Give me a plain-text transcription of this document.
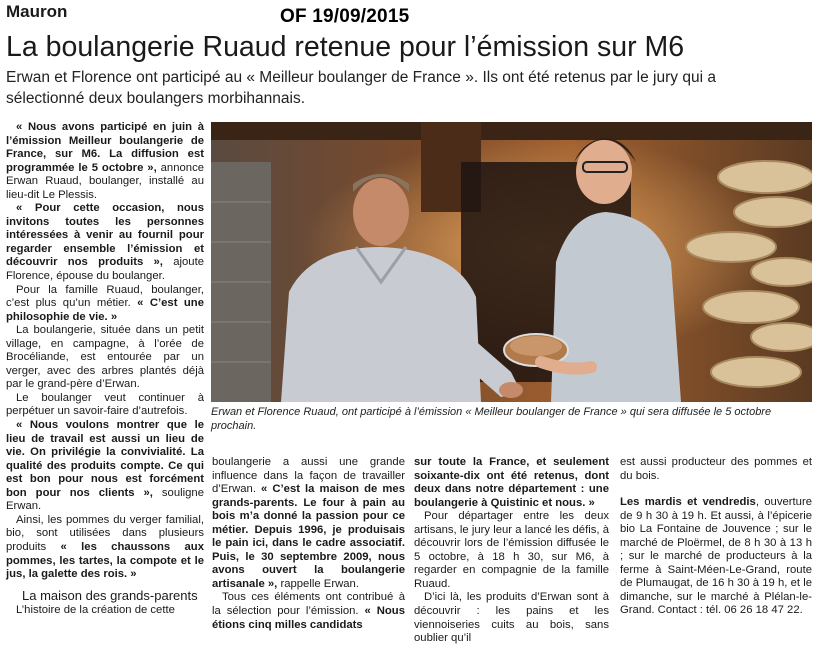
Mauron	OF 19/09/2015
La boulangerie Ruaud retenue pour l’émission sur M6
Erwan et Florence ont participé au « Meilleur boulanger de France ». Ils ont été retenus par le jury qui a sélectionné deux boulangers morbihannais.

« Nous avons participé en juin à l’émission Meilleur boulangerie de France, sur M6. La diffusion est programmée le 5 octobre », annonce Erwan Ruaud, boulanger, installé au lieu-dit Le Plessis.

« Pour cette occasion, nous invitons toutes les personnes intéressées à venir au fournil pour regarder ensemble l’émission et découvrir nos produits », ajoute Florence, épouse du boulanger.

Pour la famille Ruaud, boulanger, c’est plus qu’un métier. « C’est une philosophie de vie. »

La boulangerie, située dans un petit village, en campagne, à l’orée de Brocéliande, est entourée par un verger, avec des arbres plantés déjà par le grand-père d’Erwan.

Le boulanger veut continuer à perpétuer un savoir-faire d’autrefois.

« Nous voulons montrer que le lieu de travail est aussi un lieu de vie. On privilégie la convivialité. La qualité des produits compte. Ce qui est bon pour nous est forcément bon pour nos clients », souligne Erwan.

Ainsi, les pommes du verger familial, bio, sont utilisées dans plusieurs produits « les chaussons aux pommes, les tartes, la compote et le jus, la galette des rois. »

La maison des grands-parents

L’histoire de la création de cette

Erwan et Florence Ruaud, ont participé à l’émission « Meilleur boulanger de France » qui sera diffusée le 5 octobre prochain.

boulangerie a aussi une grande influence dans la façon de travailler d’Erwan. « C’est la maison de mes grands-parents. Le four à pain au bois m’a donné la passion pour ce métier. Depuis 1996, je produisais le pain ici, dans le cadre associatif. Puis, le 30 septembre 2009, nous avons ouvert la boulangerie artisanale », rappelle Erwan.

Tous ces éléments ont contribué à la sélection pour l’émission. « Nous étions cinq milles candidats

sur toute la France, et seulement soixante-dix ont été retenus, dont deux dans notre département : une boulangerie à Quistinic et nous. »

Pour départager entre les deux artisans, le jury leur a lancé les défis, à découvrir lors de l’émission diffusée le 5 octobre, à 18 h 30, sur M6, à regarder en compagnie de la famille Ruaud.

D’ici là, les produits d’Erwan sont à découvrir : les pains et les viennoiseries cuits au bois, sans oublier qu’il

est aussi producteur des pommes et du bois.

Les mardis et vendredis, ouverture de 9 h 30 à 19 h. Et aussi, à l’épicerie bio La Fontaine de Jouvence ; sur le marché de Ploërmel, de 8 h 30 à 13 h ; sur le marché de producteurs à la ferme à Saint-Méen-Le-Grand, route de Plumaugat, de 16 h 30 à 19 h, et le dimanche, sur le marché à Plélan-le-Grand. Contact : tél. 06 26 18 47 22.
